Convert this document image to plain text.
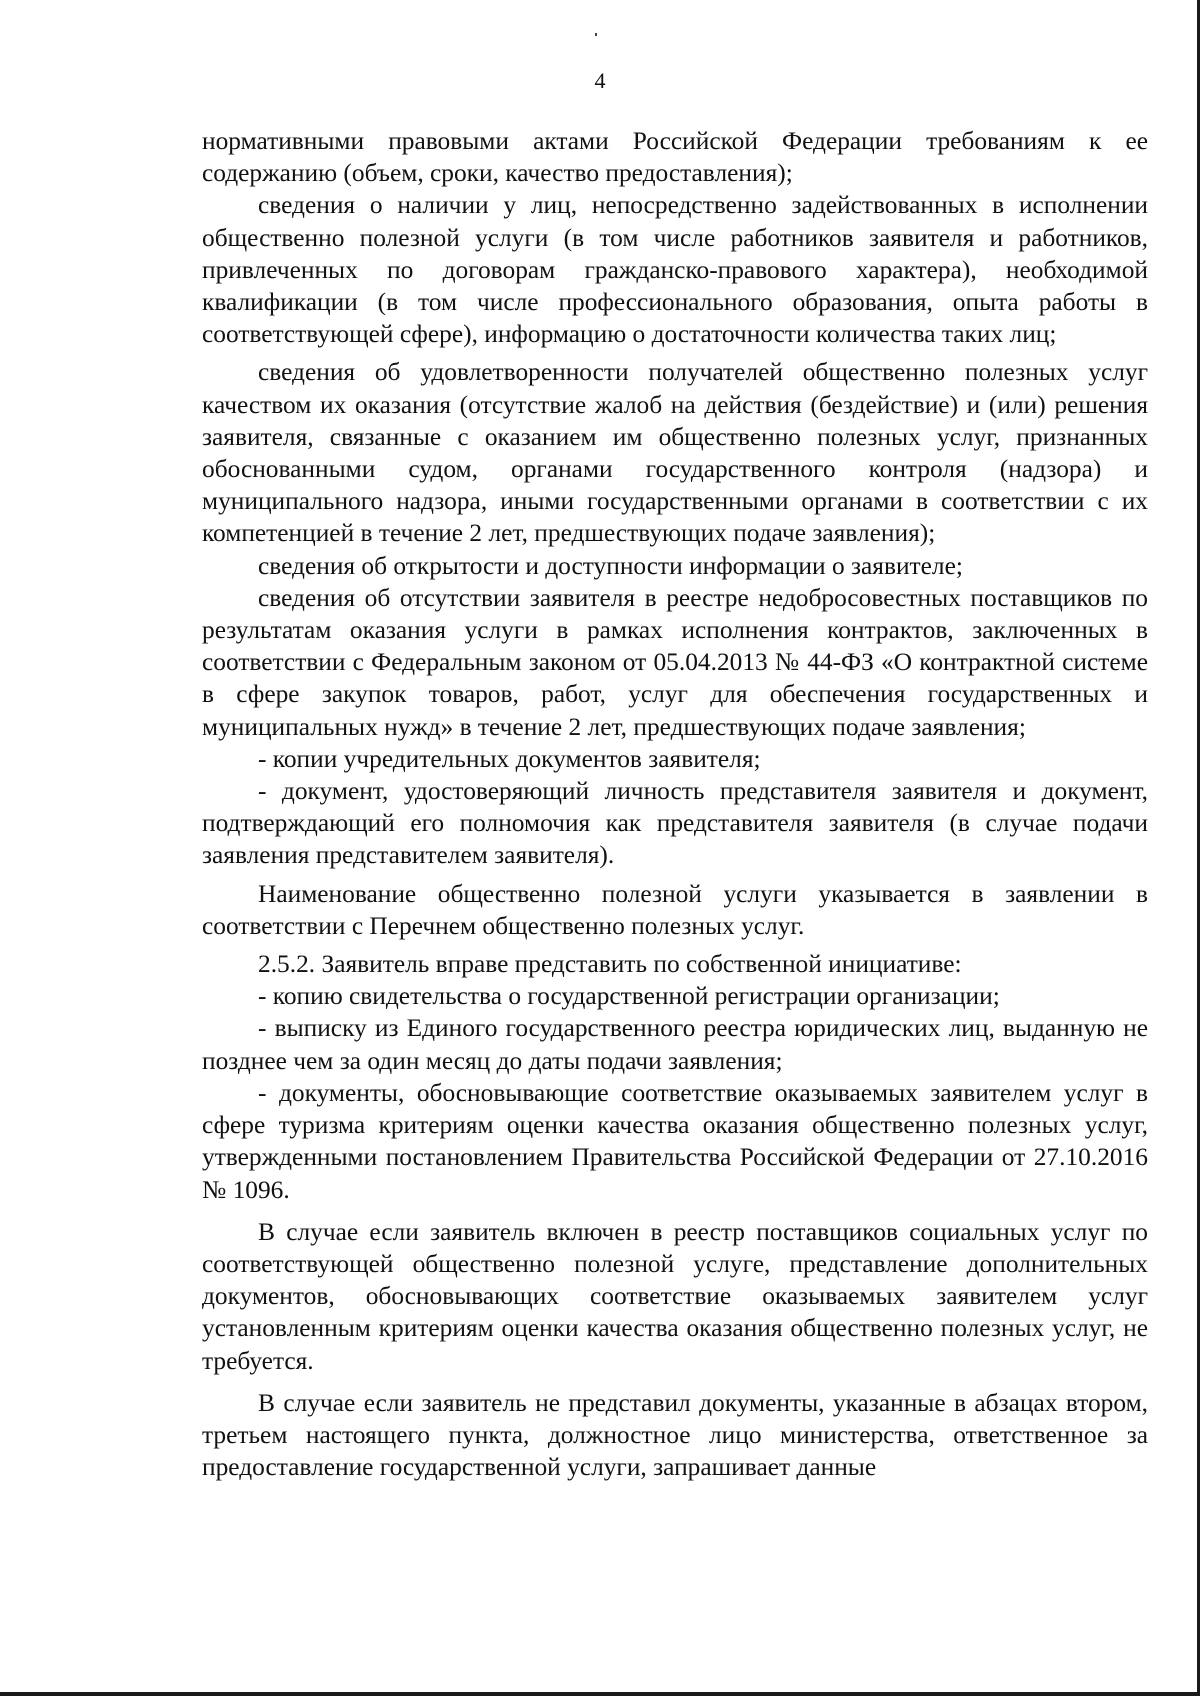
4

нормативными правовыми актами Российской Федерации требованиям к ее содержанию (объем, сроки, качество предоставления);

сведения о наличии у лиц, непосредственно задействованных в исполнении общественно полезной услуги (в том числе работников заявителя и работников, привлеченных по договорам гражданско-правового характера), необходимой квалификации (в том числе профессионального образования, опыта работы в соответствующей сфере), информацию о достаточности количества таких лиц;

сведения об удовлетворенности получателей общественно полезных услуг качеством их оказания (отсутствие жалоб на действия (бездействие) и (или) решения заявителя, связанные с оказанием им общественно полезных услуг, признанных обоснованными судом, органами государственного контроля (надзора) и муниципального надзора, иными государственными органами в соответствии с их компетенцией в течение 2 лет, предшествующих подаче заявления);

сведения об открытости и доступности информации о заявителе;

сведения об отсутствии заявителя в реестре недобросовестных поставщиков по результатам оказания услуги в рамках исполнения контрактов, заключенных в соответствии с Федеральным законом от 05.04.2013 № 44-ФЗ «О контрактной системе в сфере закупок товаров, работ, услуг для обеспечения государственных и муниципальных нужд» в течение 2 лет, предшествующих подаче заявления;

- копии учредительных документов заявителя;

- документ, удостоверяющий личность представителя заявителя и документ, подтверждающий его полномочия как представителя заявителя (в случае подачи заявления представителем заявителя).

Наименование общественно полезной услуги указывается в заявлении в соответствии с Перечнем общественно полезных услуг.

2.5.2. Заявитель вправе представить по собственной инициативе:

- копию свидетельства о государственной регистрации организации;

- выписку из Единого государственного реестра юридических лиц, выданную не позднее чем за один месяц до даты подачи заявления;

- документы, обосновывающие соответствие оказываемых заявителем услуг в сфере туризма критериям оценки качества оказания общественно полезных услуг, утвержденными постановлением Правительства Российской Федерации от 27.10.2016 № 1096.

В случае если заявитель включен в реестр поставщиков социальных услуг по соответствующей общественно полезной услуге, представление дополнительных документов, обосновывающих соответствие оказываемых заявителем услуг установленным критериям оценки качества оказания общественно полезных услуг, не требуется.

В случае если заявитель не представил документы, указанные в абзацах втором, третьем настоящего пункта, должностное лицо министерства, ответственное за предоставление государственной услуги, запрашивает данные
